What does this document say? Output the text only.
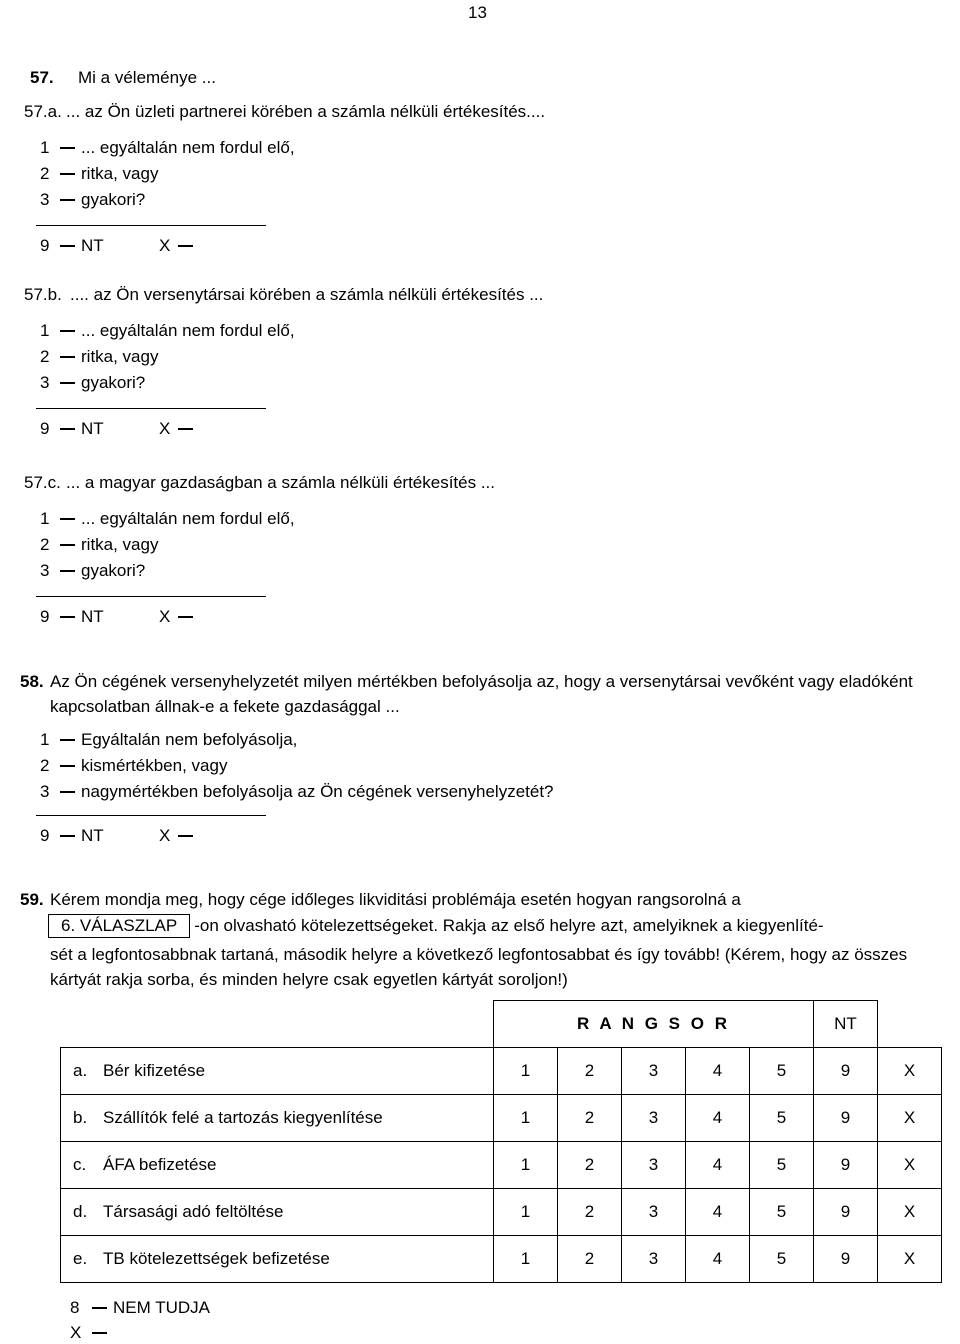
13
57. Mi a véleménye ...
57.a. ... az Ön üzleti partnerei körében a számla nélküli értékesítés....
1 ... egyáltalán nem fordul elő,
2 ritka, vagy
3 gyakori?
9 NT	X
57.b. .... az Ön versenytársai körében a számla nélküli értékesítés ...
1 ... egyáltalán nem fordul elő,
2 ritka, vagy
3 gyakori?
9 NT	X
57.c. ... a magyar gazdaságban a számla nélküli értékesítés ...
1 ... egyáltalán nem fordul elő,
2 ritka, vagy
3 gyakori?
9 NT	X
58. Az Ön cégének versenyhelyzetét milyen mértékben befolyásolja az, hogy a versenytársai vevőként vagy eladóként kapcsolatban állnak-e a fekete gazdasággal ...
1 Egyáltalán nem befolyásolja,
2 kismértékben, vagy
3 nagymértékben befolyásolja az Ön cégének versenyhelyzetét?
9 NT	X
59. Kérem mondja meg, hogy cége időleges likviditási problémája esetén hogyan rangsorolná a
6. VÁLASZLAP -on olvasható kötelezettségeket. Rakja az első helyre azt, amelyiknek a kiegyenlíté-
sét a legfontosabbnak tartaná, második helyre a következő legfontosabbat és így tovább! (Kérem, hogy az összes kártyát rakja sorba, és minden helyre csak egyetlen kártyát soroljon!)
	R A N G S O R					NT	
a. Bér kifizetése	1	2	3	4	5	9	X
b. Szállítók felé a tartozás kiegyenlítése	1	2	3	4	5	9	X
c. ÁFA befizetése	1	2	3	4	5	9	X
d. Társasági adó feltöltése	1	2	3	4	5	9	X
e. TB kötelezettségek befizetése	1	2	3	4	5	9	X
8 NEM TUDJA
X
